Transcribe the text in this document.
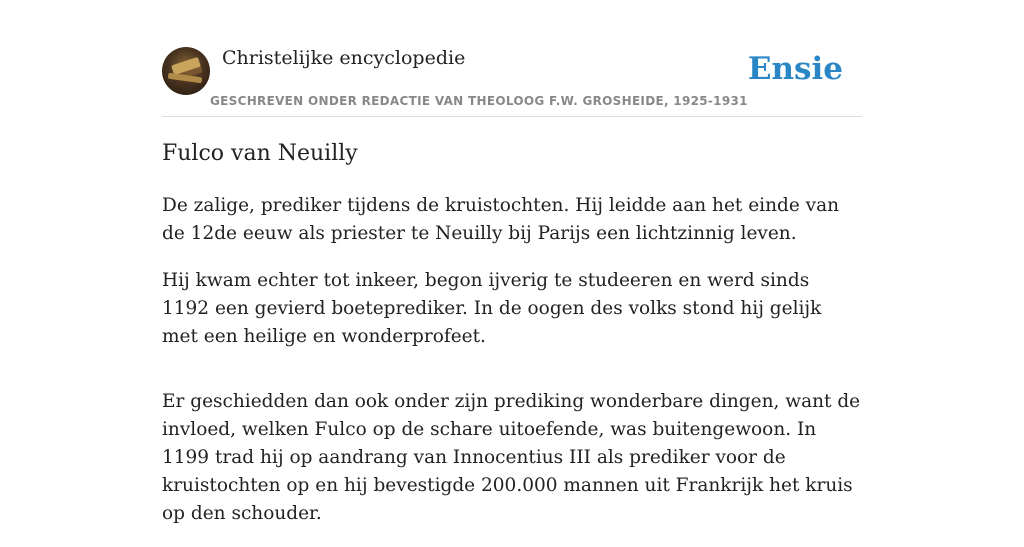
Christelijke encyclopedie
GESCHREVEN ONDER REDACTIE VAN THEOLOOG F.W. GROSHEIDE, 1925-1931
Ensie
Fulco van Neuilly

De zalige, prediker tijdens de kruistochten. Hij leidde aan het einde van de 12de eeuw als priester te Neuilly bij Parijs een lichtzinnig leven.

Hij kwam echter tot inkeer, begon ijverig te studeeren en werd sinds 1192 een gevierd boeteprediker. In de oogen des volks stond hij gelijk met een heilige en wonderprofeet.

Er geschiedden dan ook onder zijn prediking wonderbare dingen, want de invloed, welken Fulco op de schare uitoefende, was buitengewoon. In 1199 trad hij op aandrang van Innocentius III als prediker voor de kruistochten op en hij bevestigde 200.000 mannen uit Frankrijk het kruis op den schouder.
